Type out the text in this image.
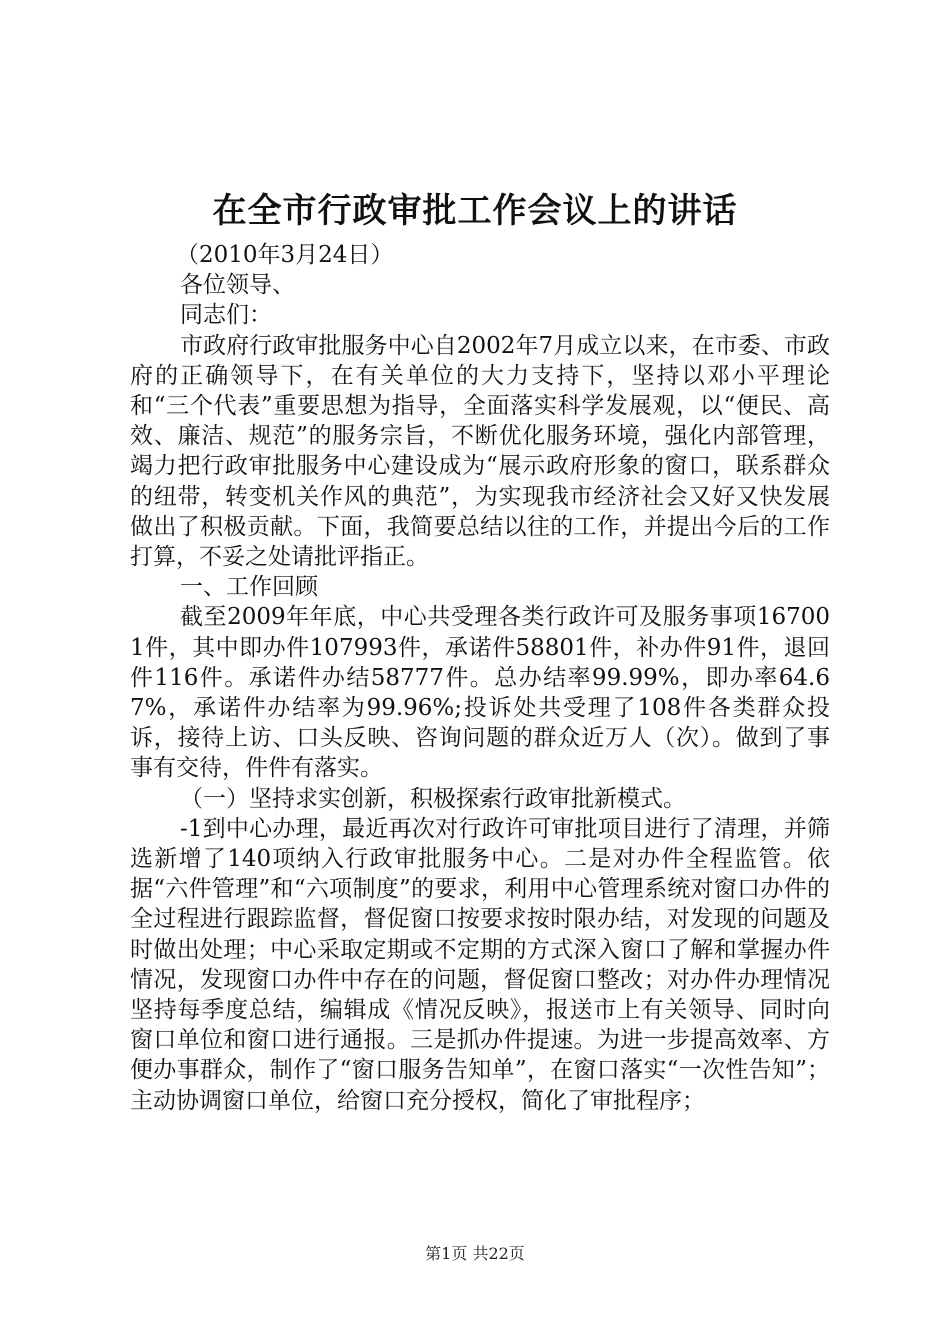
在全市行政审批工作会议上的讲话

（2010年3月24日）

各位领导、

同志们：

市政府行政审批服务中心自2002年7月成立以来，在市委、市政府的正确领导下，在有关单位的大力支持下，坚持以邓小平理论和“三个代表”重要思想为指导，全面落实科学发展观，以“便民、高效、廉洁、规范”的服务宗旨，不断优化服务环境，强化内部管理，竭力把行政审批服务中心建设成为“展示政府形象的窗口，联系群众的纽带，转变机关作风的典范”，为实现我市经济社会又好又快发展做出了积极贡献。下面，我简要总结以往的工作，并提出今后的工作打算，不妥之处请批评指正。

一、工作回顾

截至2009年年底，中心共受理各类行政许可及服务事项167001件，其中即办件107993件，承诺件58801件，补办件91件，退回件116件。承诺件办结58777件。总办结率99.99%，即办率64.67%，承诺件办结率为99.96%;投诉处共受理了108件各类群众投诉，接待上访、口头反映、咨询问题的群众近万人（次）。做到了事事有交待，件件有落实。

（一）坚持求实创新，积极探索行政审批新模式。

-1到中心办理，最近再次对行政许可审批项目进行了清理，并筛选新增了140项纳入行政审批服务中心。二是对办件全程监管。依据“六件管理”和“六项制度”的要求，利用中心管理系统对窗口办件的全过程进行跟踪监督，督促窗口按要求按时限办结，对发现的问题及时做出处理；中心采取定期或不定期的方式深入窗口了解和掌握办件情况，发现窗口办件中存在的问题，督促窗口整改；对办件办理情况坚持每季度总结，编辑成《情况反映》，报送市上有关领导、同时向窗口单位和窗口进行通报。三是抓办件提速。为进一步提高效率、方便办事群众，制作了“窗口服务告知单”，在窗口落实“一次性告知”；主动协调窗口单位，给窗口充分授权，简化了审批程序；

第1页 共22页
